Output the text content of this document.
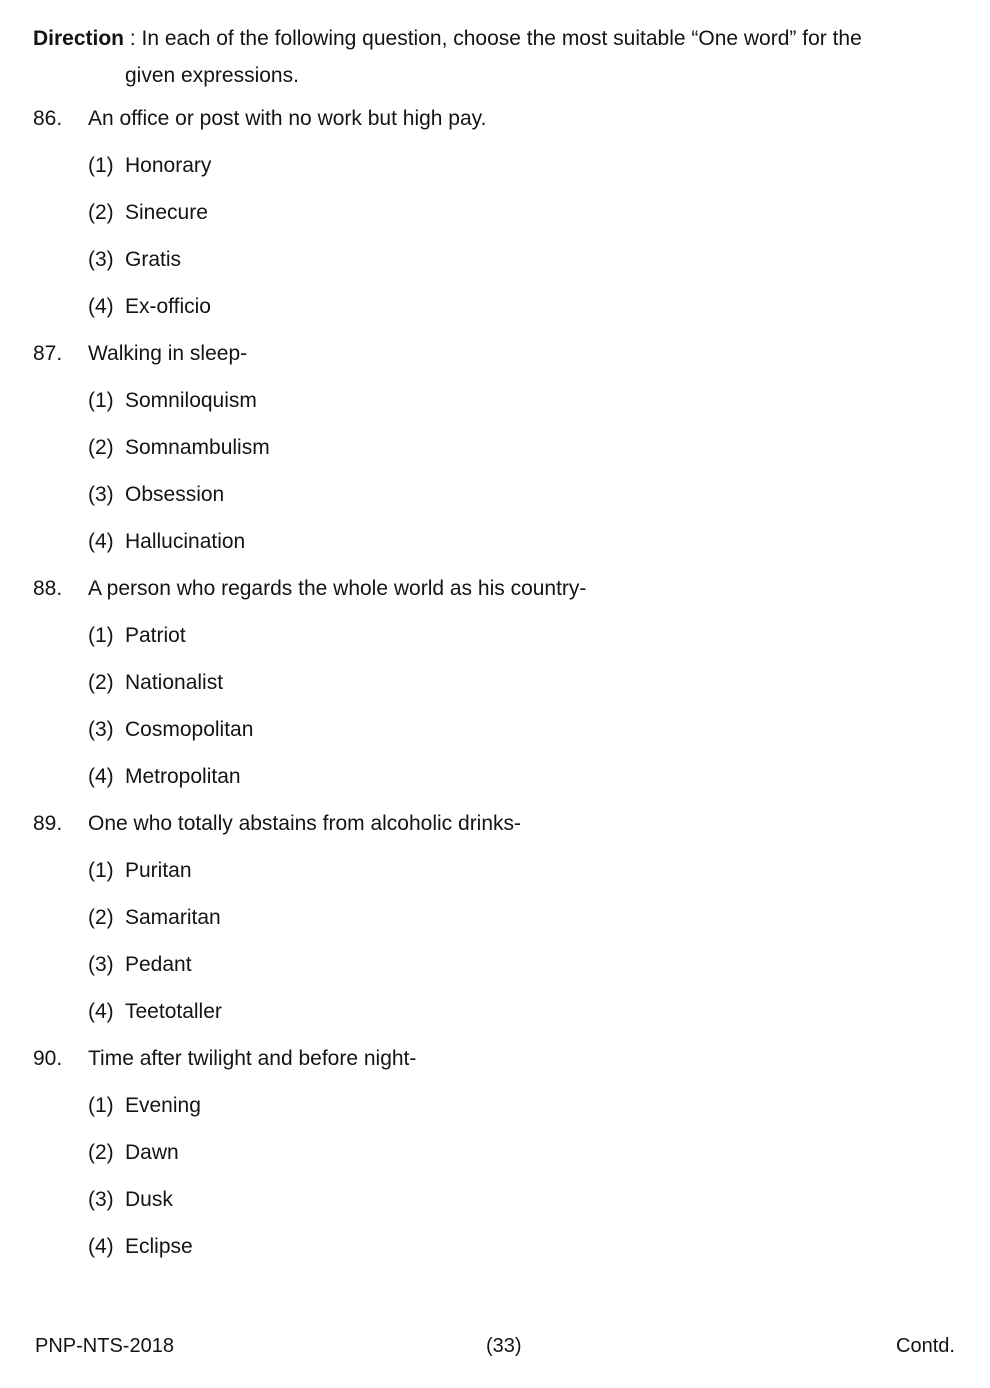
Direction : In each of the following question, choose the most suitable “One word” for the
given expressions.
86. An office or post with no work but high pay.
(1) Honorary
(2) Sinecure
(3) Gratis
(4) Ex-officio
87. Walking in sleep-
(1) Somniloquism
(2) Somnambulism
(3) Obsession
(4) Hallucination
88. A person who regards the whole world as his country-
(1) Patriot
(2) Nationalist
(3) Cosmopolitan
(4) Metropolitan
89. One who totally abstains from alcoholic drinks-
(1) Puritan
(2) Samaritan
(3) Pedant
(4) Teetotaller
90. Time after twilight and before night-
(1) Evening
(2) Dawn
(3) Dusk
(4) Eclipse
PNP-NTS-2018	(33)	Contd.
